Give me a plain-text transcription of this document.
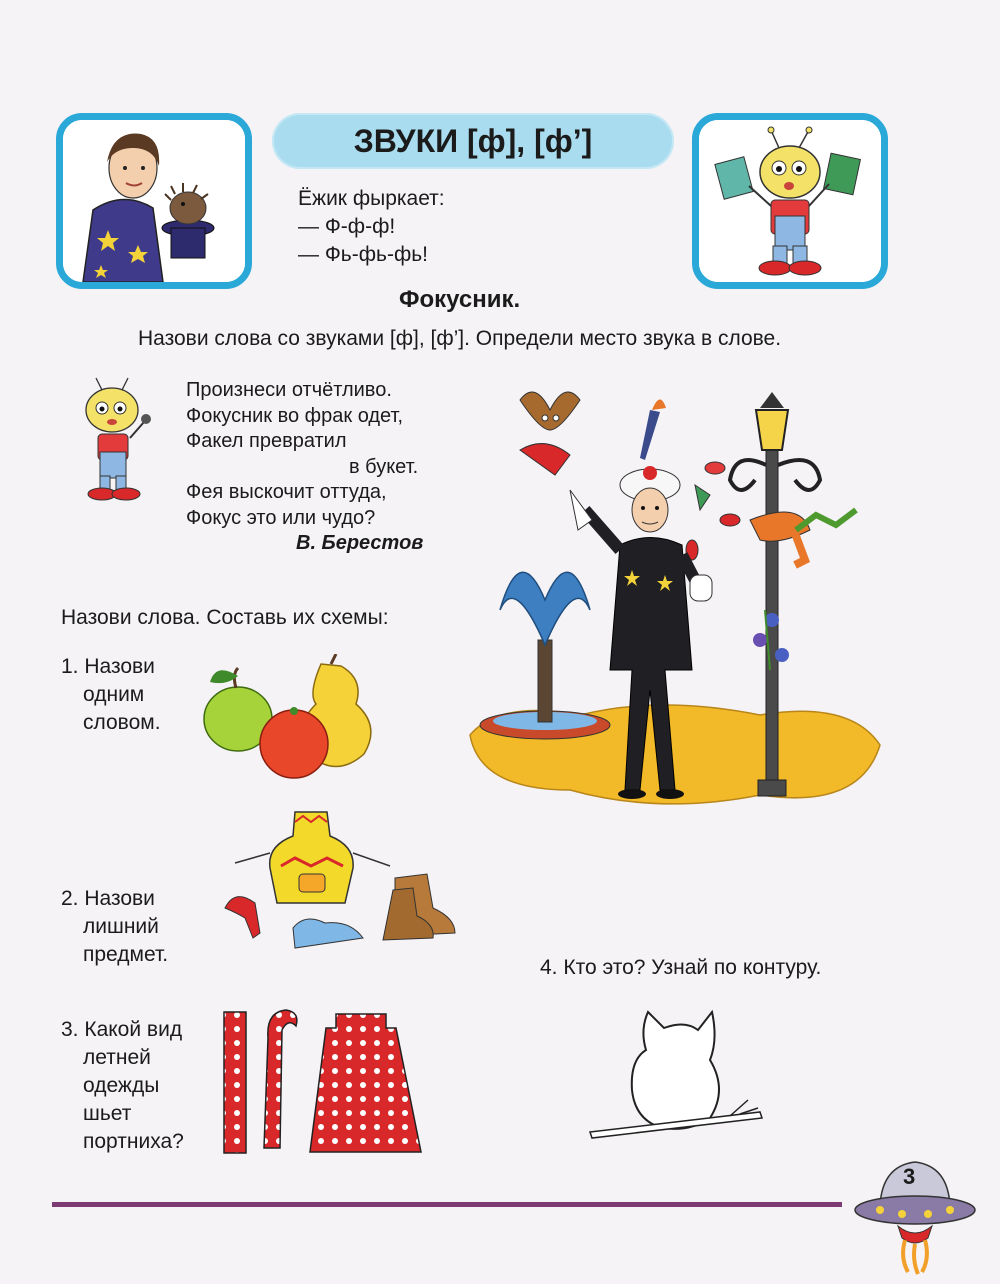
ЗВУКИ [ф], [ф’]
Ёжик фыркает:
— Ф-ф-ф!
— Фь-фь-фь!
Фокусник.
Назови слова со звуками [ф], [ф’]. Определи место звука в слове.
Произнеси отчётливо.
Фокусник во фрак одет,
Факел превратил
в букет.
Фея выскочит оттуда,
Фокус это или чудо?
В. Берестов
Назови слова. Составь их схемы:
1. Назови
одним
словом.
2. Назови
лишний
предмет.
4. Кто это? Узнай по контуру.
3. Какой вид
летней
одежды
шьет
портниха?
3
